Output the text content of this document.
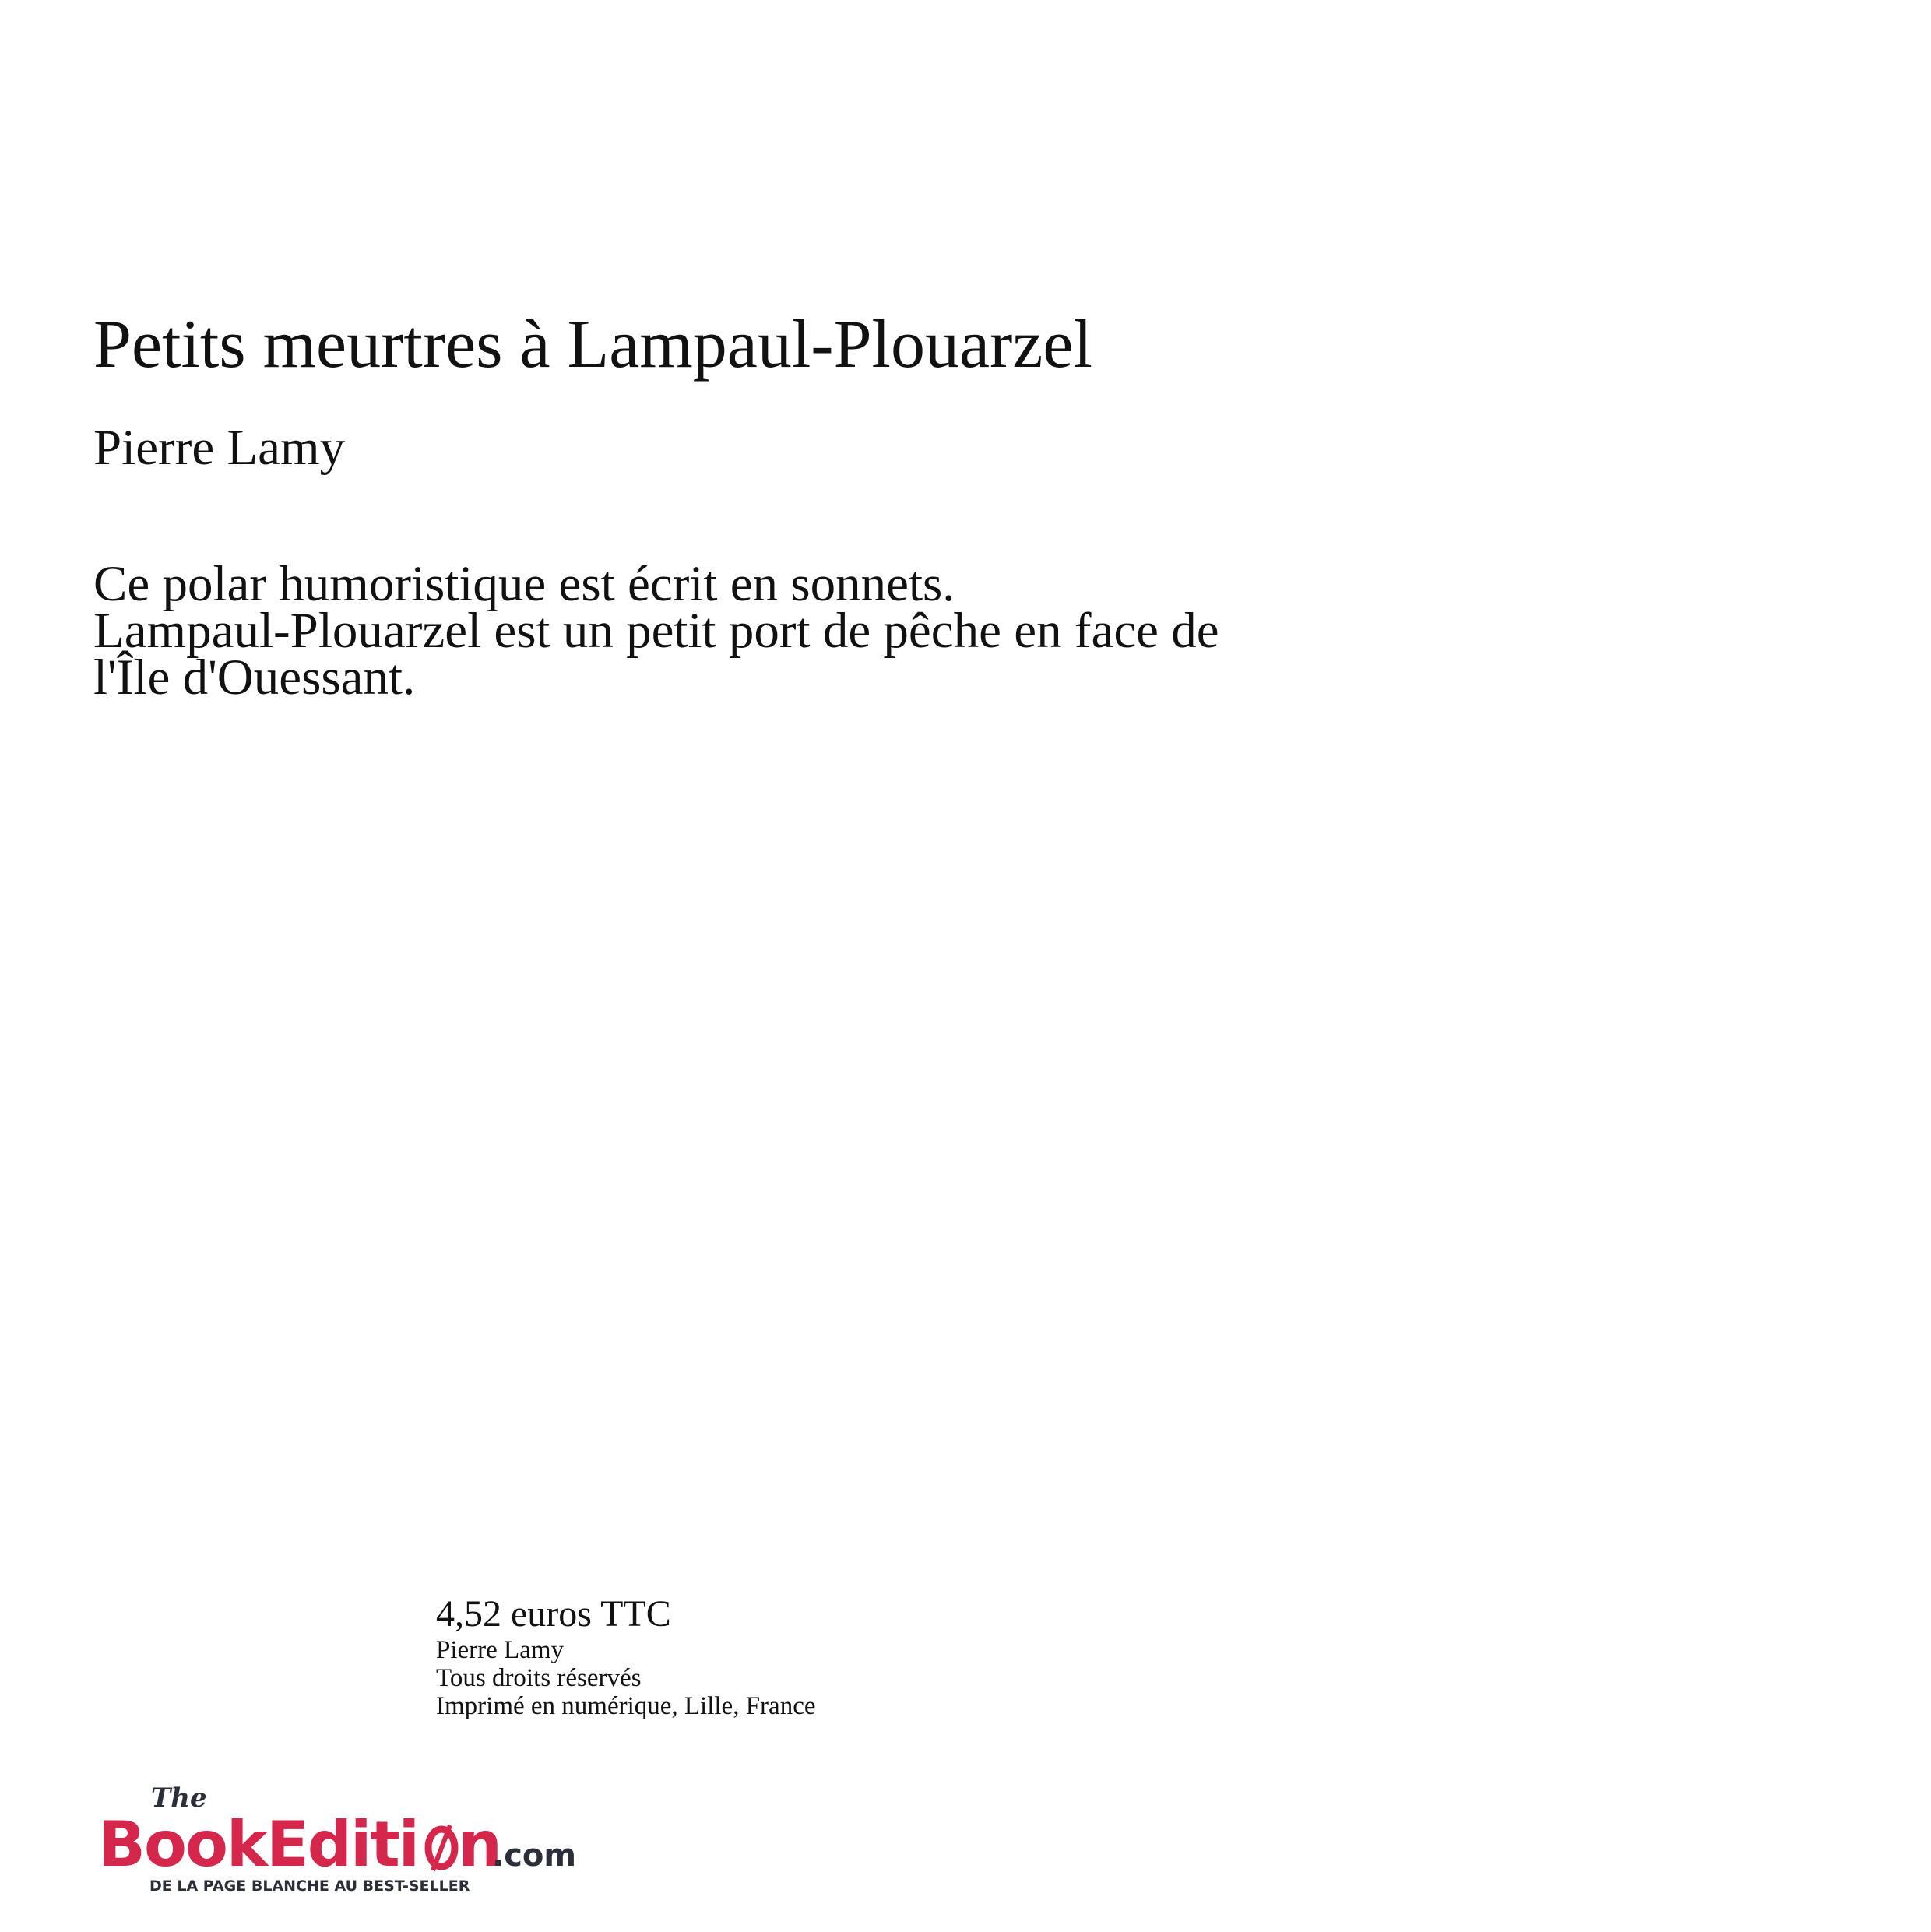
Petits meurtres à Lampaul-Plouarzel
Pierre Lamy
Ce polar humoristique est écrit en sonnets.
Lampaul-Plouarzel est un petit port de pêche en face de
l'Île d'Ouessant.
4,52 euros TTC
Pierre Lamy
Tous droits réservés
Imprimé en numérique, Lille, France
The
BookEditi n
.com
DE LA PAGE BLANCHE AU BEST-SELLER
